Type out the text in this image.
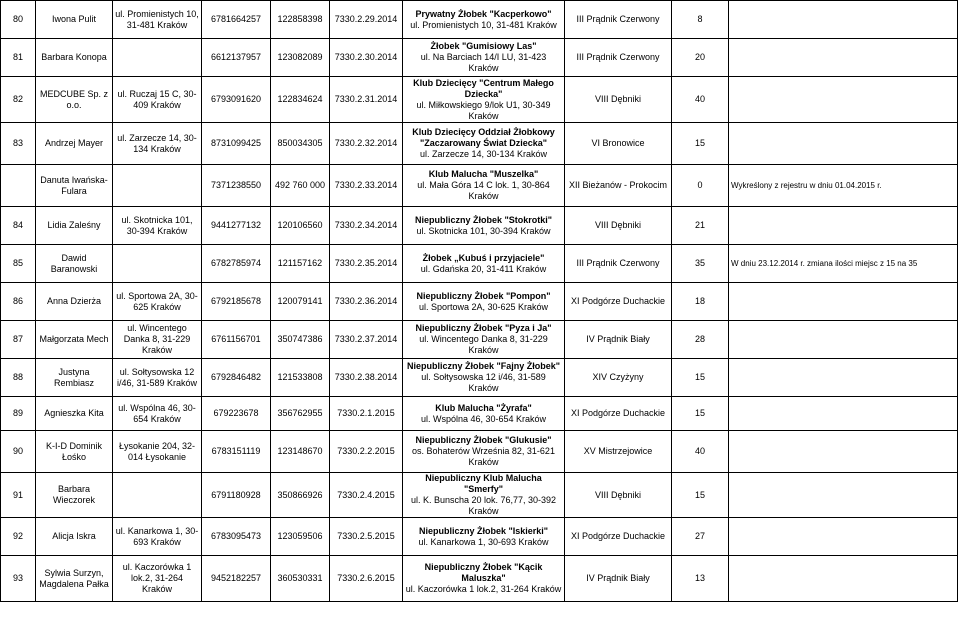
80	Iwona Pulit	ul. Promienistych 10, 31-481 Kraków	6781664257	122858398	7330.2.29.2014	Prywatny Żłobek "Kacperkowo"
ul. Promienistych 10, 31-481 Kraków	III Prądnik Czerwony	8	
81	Barbara Konopa		6612137957	123082089	7330.2.30.2014	Żłobek "Gumisiowy Las"
ul. Na Barciach 14/I LU, 31-423 Kraków	III Prądnik Czerwony	20	
82	MEDCUBE Sp. z o.o.	ul. Ruczaj 15 C, 30-409 Kraków	6793091620	122834624	7330.2.31.2014	Klub Dziecięcy "Centrum Małego Dziecka"
ul. Miłkowskiego 9/lok U1, 30-349 Kraków	VIII Dębniki	40	
83	Andrzej Mayer	ul. Zarzecze 14, 30-134 Kraków	8731099425	850034305	7330.2.32.2014	Klub Dziecięcy Oddział Żłobkowy "Zaczarowany Świat Dziecka"
ul. Zarzecze 14, 30-134 Kraków	VI Bronowice	15	
	Danuta Iwańska-Fulara		7371238550	492 760 000	7330.2.33.2014	Klub Malucha "Muszelka"
ul. Mała Góra 14 C lok. 1, 30-864 Kraków	XII Bieżanów - Prokocim	0	Wykreślony z rejestru w dniu 01.04.2015 r.
84	Lidia Zaleśny	ul. Skotnicka 101, 30-394 Kraków	9441277132	120106560	7330.2.34.2014	Niepubliczny Żłobek "Stokrotki"
ul. Skotnicka 101, 30-394 Kraków	VIII Dębniki	21	
85	Dawid Baranowski		6782785974	121157162	7330.2.35.2014	Żłobek „Kubuś i przyjaciele"
ul. Gdańska 20, 31-411 Kraków	III Prądnik Czerwony	35	W dniu 23.12.2014 r. zmiana ilości miejsc z 15 na 35
86	Anna Dzierża	ul. Sportowa 2A, 30-625 Kraków	6792185678	120079141	7330.2.36.2014	Niepubliczny Żłobek "Pompon"
ul. Sportowa 2A, 30-625 Kraków	XI Podgórze Duchackie	18	
87	Małgorzata Mech	ul. Wincentego Danka 8, 31-229 Kraków	6761156701	350747386	7330.2.37.2014	Niepubliczny Żłobek "Pyza i Ja"
ul. Wincentego Danka 8, 31-229 Kraków	IV Prądnik Biały	28	
88	Justyna Rembiasz	ul. Sołtysowska 12 i/46, 31-589 Kraków	6792846482	121533808	7330.2.38.2014	Niepubliczny Żłobek "Fajny Żłobek"
ul. Sołtysowska 12 i/46, 31-589 Kraków	XIV Czyżyny	15	
89	Agnieszka Kita	ul. Wspólna 46, 30-654 Kraków	679223678	356762955	7330.2.1.2015	Klub Malucha "Żyrafa"
ul. Wspólna 46, 30-654 Kraków	XI Podgórze Duchackie	15	
90	K-I-D Dominik Łośko	Łysokanie 204, 32-014 Łysokanie	6783151119	123148670	7330.2.2.2015	Niepubliczny Żłobek "Glukusie"
os. Bohaterów Września 82, 31-621 Kraków	XV Mistrzejowice	40	
91	Barbara Wieczorek		6791180928	350866926	7330.2.4.2015	Niepubliczny Klub Malucha "Smerfy"
ul. K. Bunscha 20 lok. 76,77, 30-392 Kraków	VIII Dębniki	15	
92	Alicja Iskra	ul. Kanarkowa 1, 30-693 Kraków	6783095473	123059506	7330.2.5.2015	Niepubliczny Żłobek "Iskierki"
ul. Kanarkowa 1, 30-693 Kraków	XI Podgórze Duchackie	27	
93	Sylwia Surzyn, Magdalena Pałka	ul. Kaczorówka 1 lok.2, 31-264 Kraków	9452182257	360530331	7330.2.6.2015	Niepubliczny Żłobek "Kącik Maluszka"
ul. Kaczorówka 1 lok.2, 31-264 Kraków	IV Prądnik Biały	13	
